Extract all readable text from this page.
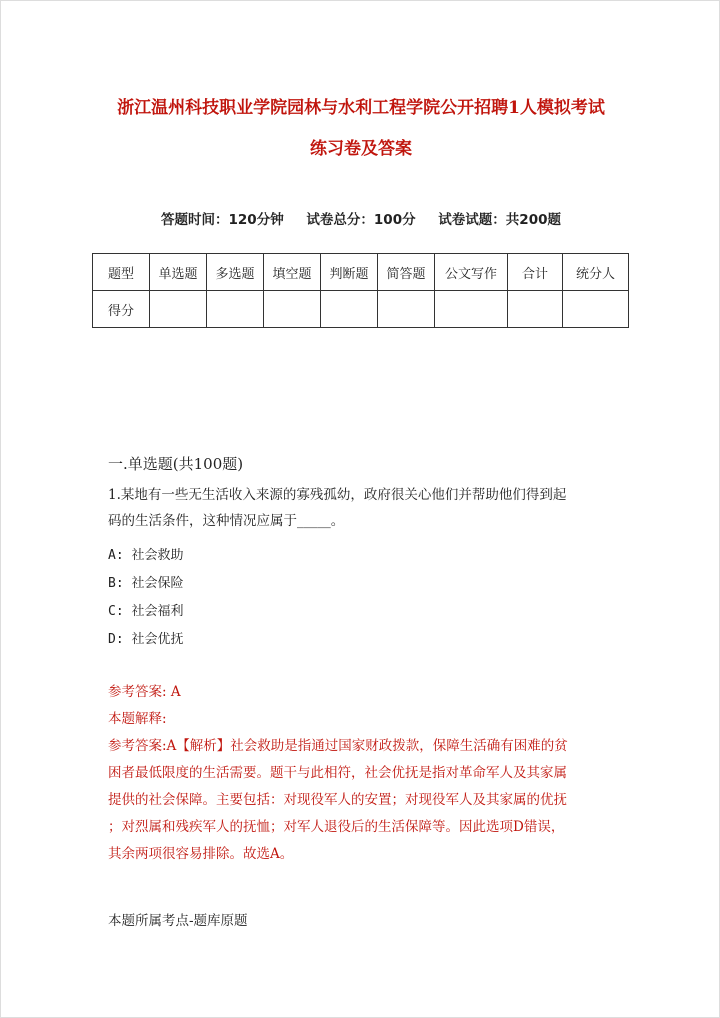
浙江温州科技职业学院园林与水利工程学院公开招聘1人模拟考试
练习卷及答案
答题时间：120分钟 试卷总分：100分 试卷试题：共200题
题型	单选题	多选题	填空题	判断题	简答题	公文写作	合计	统分人
得分								
一.单选题(共100题)
1.某地有一些无生活收入来源的寡残孤幼，政府很关心他们并帮助他们得到起
码的生活条件，这种情况应属于_____。
A: 社会救助
B: 社会保险
C: 社会福利
D: 社会优抚
参考答案: A
本题解释:
参考答案:A【解析】社会救助是指通过国家财政拨款，保障生活确有困难的贫
困者最低限度的生活需要。题干与此相符，社会优抚是指对革命军人及其家属
提供的社会保障。主要包括：对现役军人的安置；对现役军人及其家属的优抚
；对烈属和残疾军人的抚恤；对军人退役后的生活保障等。因此选项D错误，
其余两项很容易排除。故选A。
本题所属考点-题库原题
